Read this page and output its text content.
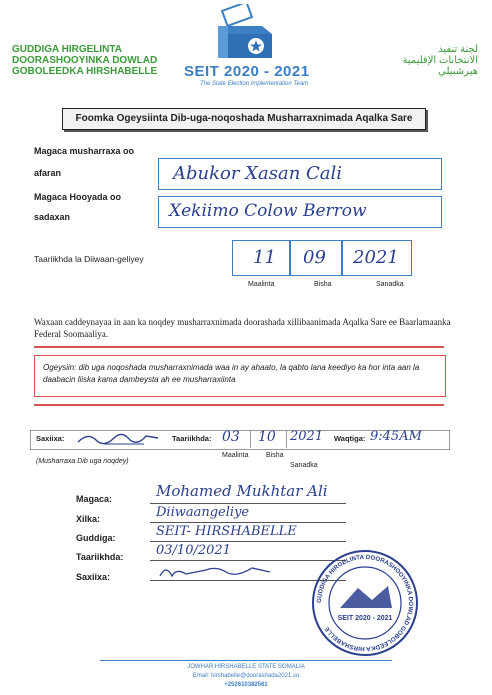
GUDDIGA HIRGELINTA
DOORASHOOYINKA DOWLAD
GOBOLEEDKA HIRSHABELLE SEIT 2020 - 2021
The State Election Implementation Team
لجنة تنفيذ
الانتخابات الإقليمية
هيرشبيلي
Foomka Ogeysiinta Dib-uga-noqoshada Musharraxnimada Aqalka Sare
Magaca musharraxa oo
afaran	Abukor Xasan Cali
Magaca Hooyada oo
sadaxan	Xekiimo Colow Berrow
Taariikhda la Diiwaan-geliyey	11 09 2021
Maalinta	Bisha	Sanadka
Waxaan caddeynayaa in aan ka noqdey musharraxnimada doorashada xillibaanimada Aqalka Sare ee Baarlamaanka Federal Soomaaliya.
Ogeysiin: dib uga noqoshada musharraxnimada waa in ay ahaato, la qabto lana keediyo ka hor inta aan la daabacin liiska kama dambeysta ah ee musharraxiinta
Saxiixa:	Taariikhda: 03 10 2021 Waqtiga: 9:45AM
(Musharraxa Dib uga noqdey)
Maalinta	Bisha
Sanadka
Magaca:	Mohamed Mukhtar Ali
Xilka:	Diiwaangeliye
Guddiga:	SEIT- HIRSHABELLE
Taariikhda:	03/10/2021
Saxiixa:
GUDDIGA HIRGELINTA DOORASHOOYINKA DOWLAD GOBOLEEDKA HIRSHABELLE
SEIT 2020 - 2021
JOWHAR HIRSHABELLE STATE SOMALIA
Email: hirshabelle@doorashada2021.so
+252610382561
